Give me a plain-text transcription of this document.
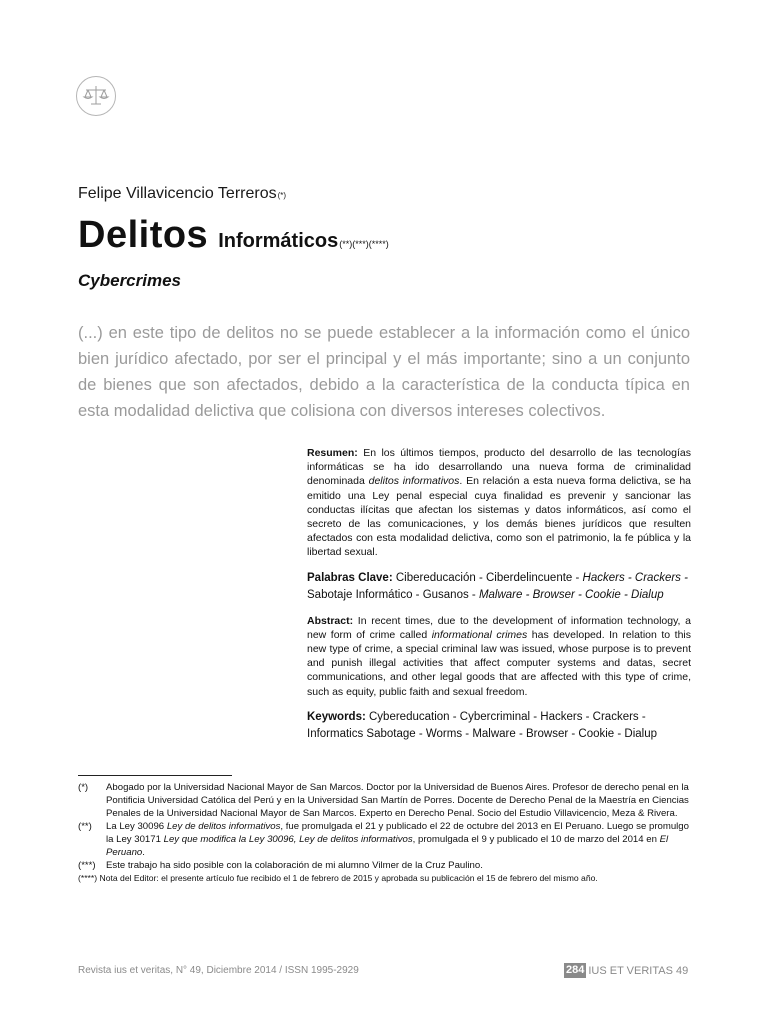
Felipe Villavicencio Terreros(*)
Delitos Informáticos(**)(***)(****)
Cybercrimes
(...) en este tipo de delitos no se puede establecer a la información como el único bien jurídico afectado, por ser el principal y el más importante; sino a un conjunto de bienes que son afectados, debido a la característica de la conducta típica en esta modalidad delictiva que colisiona con diversos intereses colectivos.

Resumen: En los últimos tiempos, producto del desarrollo de las tecnologías informáticas se ha ido desarrollando una nueva forma de criminalidad denominada delitos informativos. En relación a esta nueva forma delictiva, se ha emitido una Ley penal especial cuya finalidad es prevenir y sancionar las conductas ilícitas que afectan los sistemas y datos informáticos, así como el secreto de las comunicaciones, y los demás bienes jurídicos que resulten afectados con esta modalidad delictiva, como son el patrimonio, la fe pública y la libertad sexual.

Palabras Clave: Cibereducación - Ciberdelincuente - Hackers - Crackers - Sabotaje Informático - Gusanos - Malware - Browser - Cookie - Dialup

Abstract: In recent times, due to the development of information technology, a new form of crime called informational crimes has developed. In relation to this new type of crime, a special criminal law was issued, whose purpose is to prevent and punish illegal activities that affect computer systems and datas, secret communications, and other legal goods that are affected with this type of crime, such as equity, public faith and sexual freedom.

Keywords: Cybereducation - Cybercriminal - Hackers - Crackers - Informatics Sabotage - Worms - Malware - Browser - Cookie - Dialup

(*)	Abogado por la Universidad Nacional Mayor de San Marcos. Doctor por la Universidad de Buenos Aires. Profesor de derecho penal en la Pontificia Universidad Católica del Perú y en la Universidad San Martín de Porres. Docente de Derecho Penal de la Maestría en Ciencias Penales de la Universidad Nacional Mayor de San Marcos. Experto en Derecho Penal. Socio del Estudio Villavicencio, Meza & Rivera.
(**)	La Ley 30096 Ley de delitos informativos, fue promulgada el 21 y publicado el 22 de octubre del 2013 en El Peruano. Luego se promulgo la Ley 30171 Ley que modifica la Ley 30096, Ley de delitos informativos, promulgada el 9 y publicado el 10 de marzo del 2014 en El Peruano.
(***)	Este trabajo ha sido posible con la colaboración de mi alumno Vilmer de la Cruz Paulino.
(****) Nota del Editor: el presente artículo fue recibido el 1 de febrero de 2015 y aprobada su publicación el 15 de febrero del mismo año.
Revista ius et veritas, N° 49, Diciembre 2014 / ISSN 1995-2929	284 IUS ET VERITAS 49
